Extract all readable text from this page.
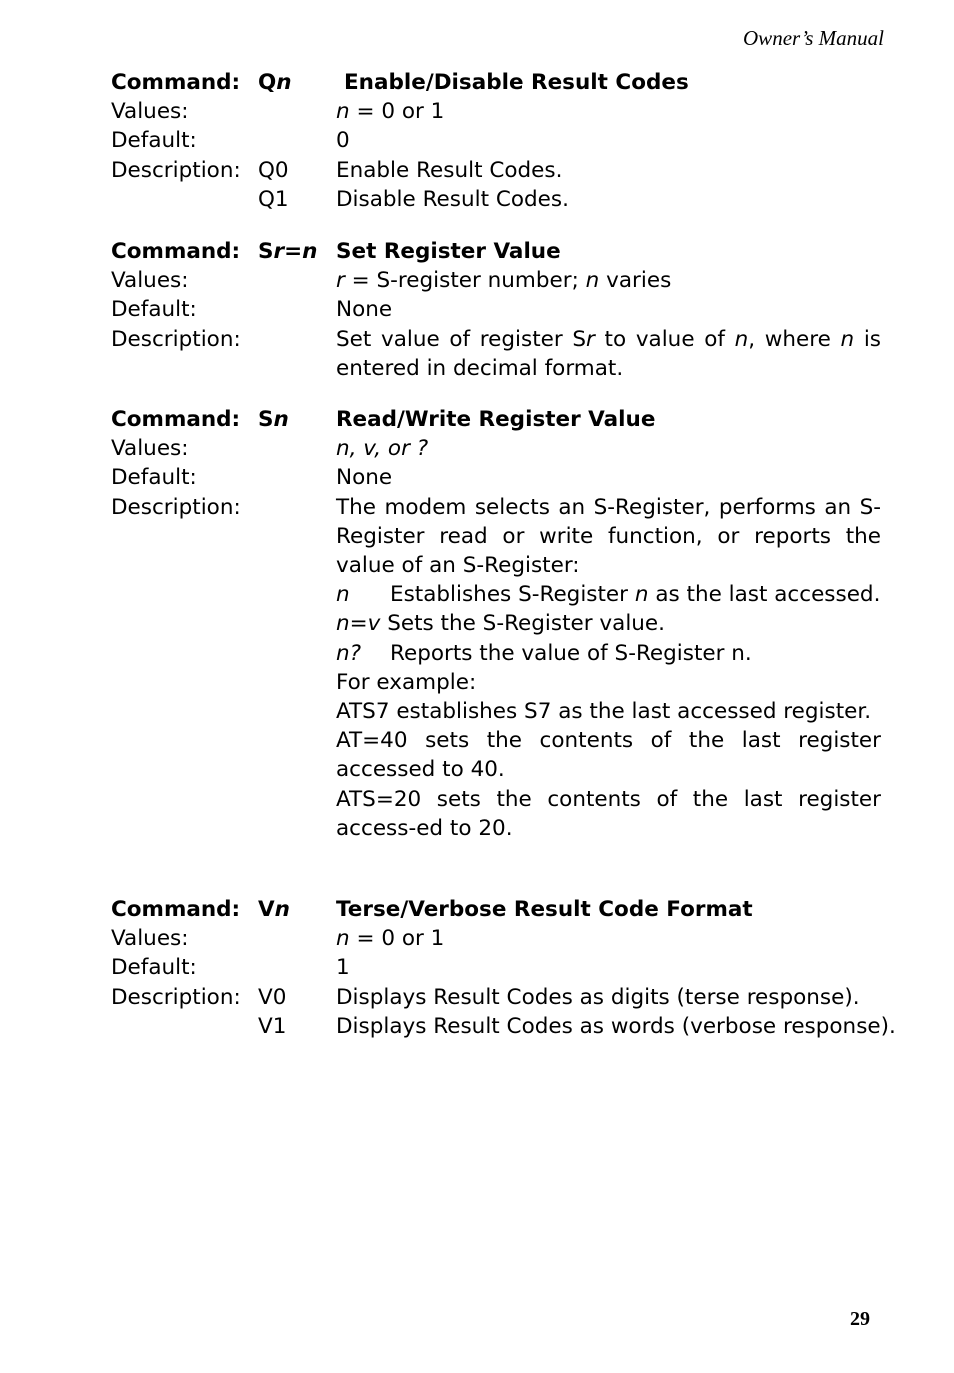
Owner’s Manual
Command: Qn Enable/Disable Result Codes
Values:	n = 0 or 1
Default:	0
Description: Q0 Enable Result Codes.
Q1 Disable Result Codes.
Command: Sr=n Set Register Value
Values:	r = S-register number; n varies
Default:	None
Description:	Set value of register Sr to value of n, where n is entered in decimal format.
Command: Sn Read/Write Register Value
Values:	n, v, or ?
Default:	None
Description:	The modem selects an S-Register, performs an S-Register read or write function, or reports the value of an S-Register:

n Establishes S-Register n as the last accessed.

n=v Sets the S-Register value.

n? Reports the value of S-Register n.

For example:

ATS7 establishes S7 as the last accessed register.

AT=40 sets the contents of the last register accessed to 40.

ATS=20 sets the contents of the last register access-ed to 20.

Command: Vn Terse/Verbose Result Code Format
Values:	n = 0 or 1
Default:	1
Description: V0 Displays Result Codes as digits (terse response).
V1 Displays Result Codes as words (verbose response).
29
